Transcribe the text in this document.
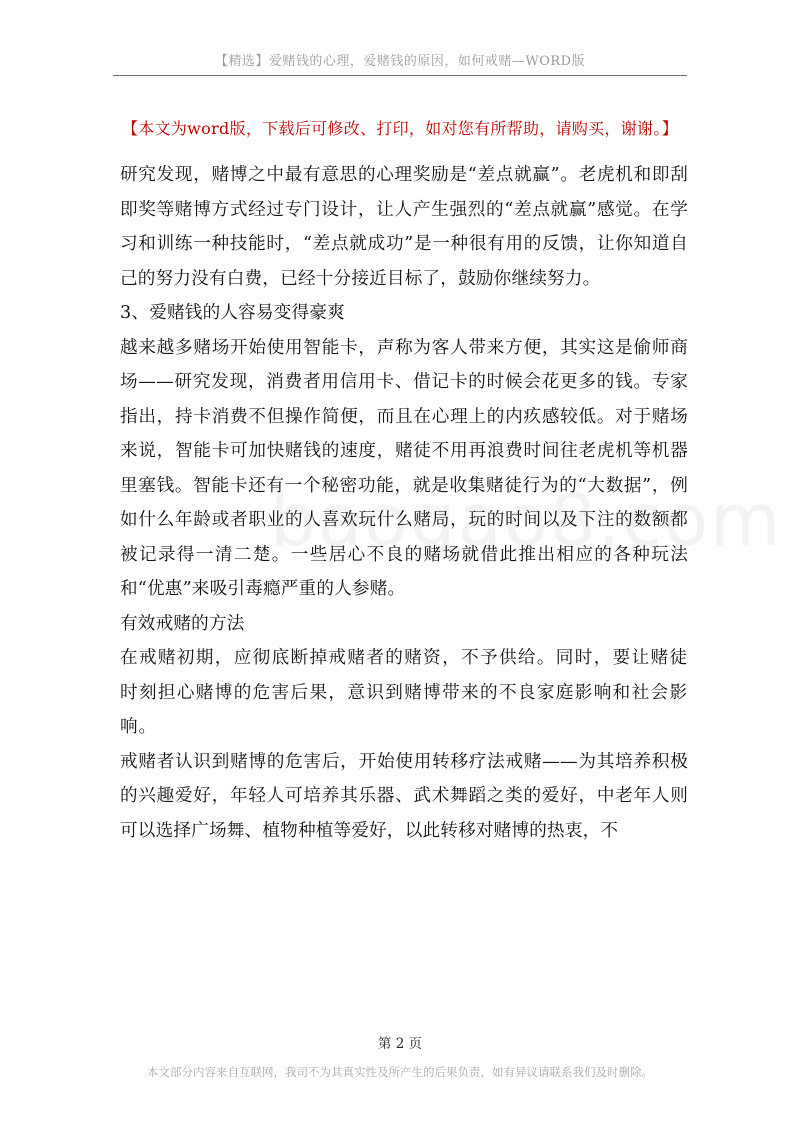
【精选】爱赌钱的心理，爱赌钱的原因，如何戒赌—WORD版
【本文为word版，下载后可修改、打印，如对您有所帮助，请购买，谢谢。】

研究发现，赌博之中最有意思的心理奖励是“差点就赢”。老虎机和即刮即奖等赌博方式经过专门设计，让人产生强烈的“差点就赢”感觉。在学习和训练一种技能时，“差点就成功”是一种很有用的反馈，让你知道自己的努力没有白费，已经十分接近目标了，鼓励你继续努力。

3、爱赌钱的人容易变得豪爽

越来越多赌场开始使用智能卡，声称为客人带来方便，其实这是偷师商场——研究发现，消费者用信用卡、借记卡的时候会花更多的钱。专家指出，持卡消费不但操作简便，而且在心理上的内疚感较低。对于赌场来说，智能卡可加快赌钱的速度，赌徒不用再浪费时间往老虎机等机器里塞钱。智能卡还有一个秘密功能，就是收集赌徒行为的“大数据”，例如什么年龄或者职业的人喜欢玩什么赌局，玩的时间以及下注的数额都被记录得一清二楚。一些居心不良的赌场就借此推出相应的各种玩法和“优惠”来吸引毒瘾严重的人参赌。

有效戒赌的方法

在戒赌初期，应彻底断掉戒赌者的赌资，不予供给。同时，要让赌徒时刻担心赌博的危害后果，意识到赌博带来的不良家庭影响和社会影响。

戒赌者认识到赌博的危害后，开始使用转移疗法戒赌——为其培养积极的兴趣爱好，年轻人可培养其乐器、武术舞蹈之类的爱好，中老年人则可以选择广场舞、植物种植等爱好，以此转移对赌博的热衷，不

第 2 页
本文部分内容来自互联网，我司不为其真实性及所产生的后果负责，如有异议请联系我们及时删除。
